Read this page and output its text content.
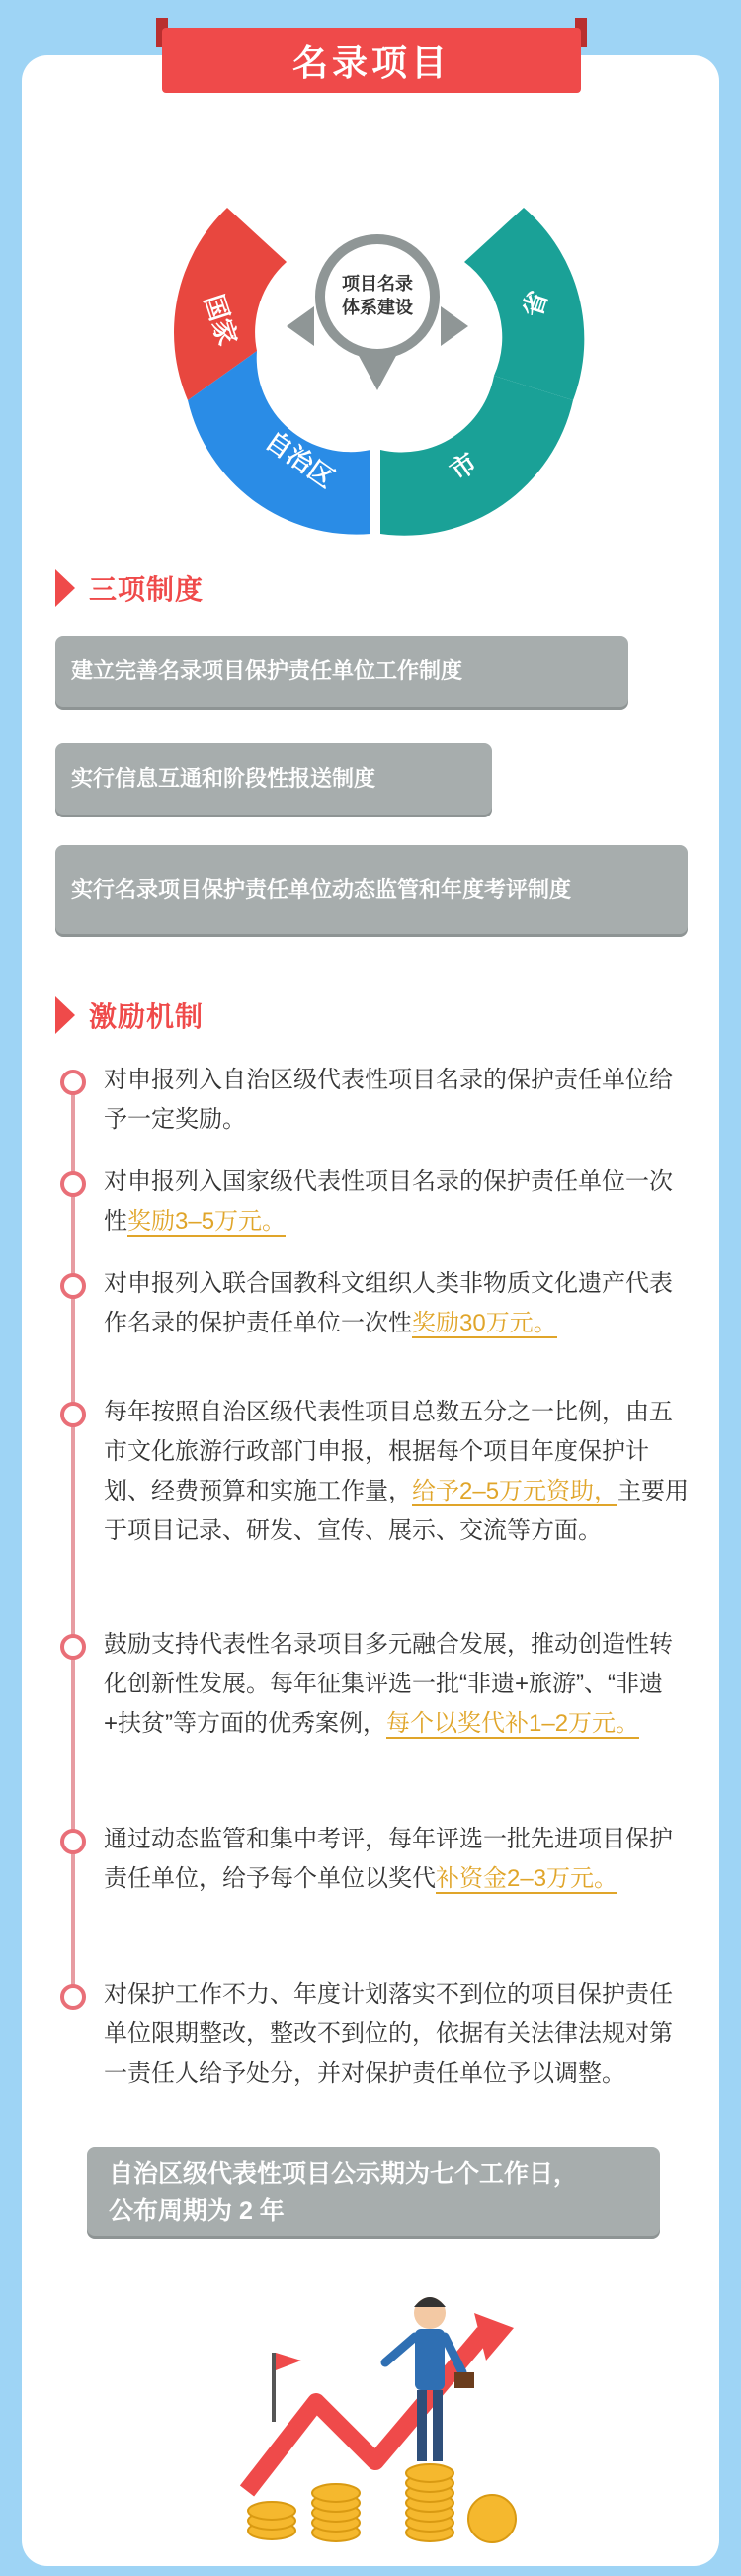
名录项目
项目名录
体系建设
国家	省
自治区	市
三项制度
建立完善名录项目保护责任单位工作制度
实行信息互通和阶段性报送制度
实行名录项目保护责任单位动态监管和年度考评制度
激励机制
对申报列入自治区级代表性项目名录的保护责任单位给予一定奖励。
对申报列入国家级代表性项目名录的保护责任单位一次性奖励3–5万元。
对申报列入联合国教科文组织人类非物质文化遗产代表作名录的保护责任单位一次性奖励30万元。
每年按照自治区级代表性项目总数五分之一比例，由五市文化旅游行政部门申报，根据每个项目年度保护计划、经费预算和实施工作量，给予2–5万元资助，主要用于项目记录、研发、宣传、展示、交流等方面。
鼓励支持代表性名录项目多元融合发展，推动创造性转化创新性发展。每年征集评选一批“非遗+旅游”、“非遗+扶贫”等方面的优秀案例，每个以奖代补1–2万元。
通过动态监管和集中考评，每年评选一批先进项目保护责任单位，给予每个单位以奖代补资金2–3万元。
对保护工作不力、年度计划落实不到位的项目保护责任单位限期整改，整改不到位的，依据有关法律法规对第一责任人给予处分，并对保护责任单位予以调整。
自治区级代表性项目公示期为七个工作日，
公布周期为 2 年
